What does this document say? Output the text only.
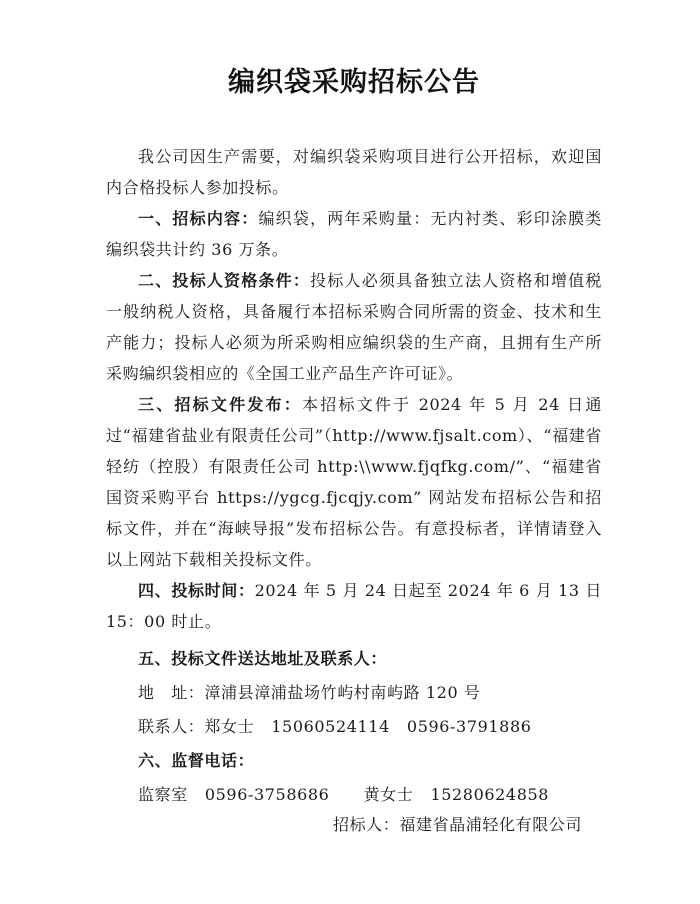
编织袋采购招标公告

我公司因生产需要，对编织袋采购项目进行公开招标，欢迎国内合格投标人参加投标。

一、招标内容：编织袋，两年采购量：无内衬类、彩印涂膜类编织袋共计约 36 万条。

二、投标人资格条件：投标人必须具备独立法人资格和增值税一般纳税人资格，具备履行本招标采购合同所需的资金、技术和生产能力；投标人必须为所采购相应编织袋的生产商，且拥有生产所采购编织袋相应的《全国工业产品生产许可证》。

三、招标文件发布：本招标文件于 2024 年 5 月 24 日通过“福建省盐业有限责任公司”（http://www.fjsalt.com）、“福建省轻纺（控股）有限责任公司 http:\\www.fjqfkg.com/”、“福建省国资采购平台 https://ygcg.fjcqjy.com” 网站发布招标公告和招标文件，并在“海峡导报”发布招标公告。有意投标者，详情请登入以上网站下载相关投标文件。

四、投标时间：2024 年 5 月 24 日起至 2024 年 6 月 13 日 15：00 时止。

五、投标文件送达地址及联系人：

地　址：漳浦县漳浦盐场竹屿村南屿路 120 号

联系人：郑女士 15060524114 0596-3791886

六、监督电话：

监察室 0596-3758686 黄女士 15280624858

招标人：福建省晶浦轻化有限公司
